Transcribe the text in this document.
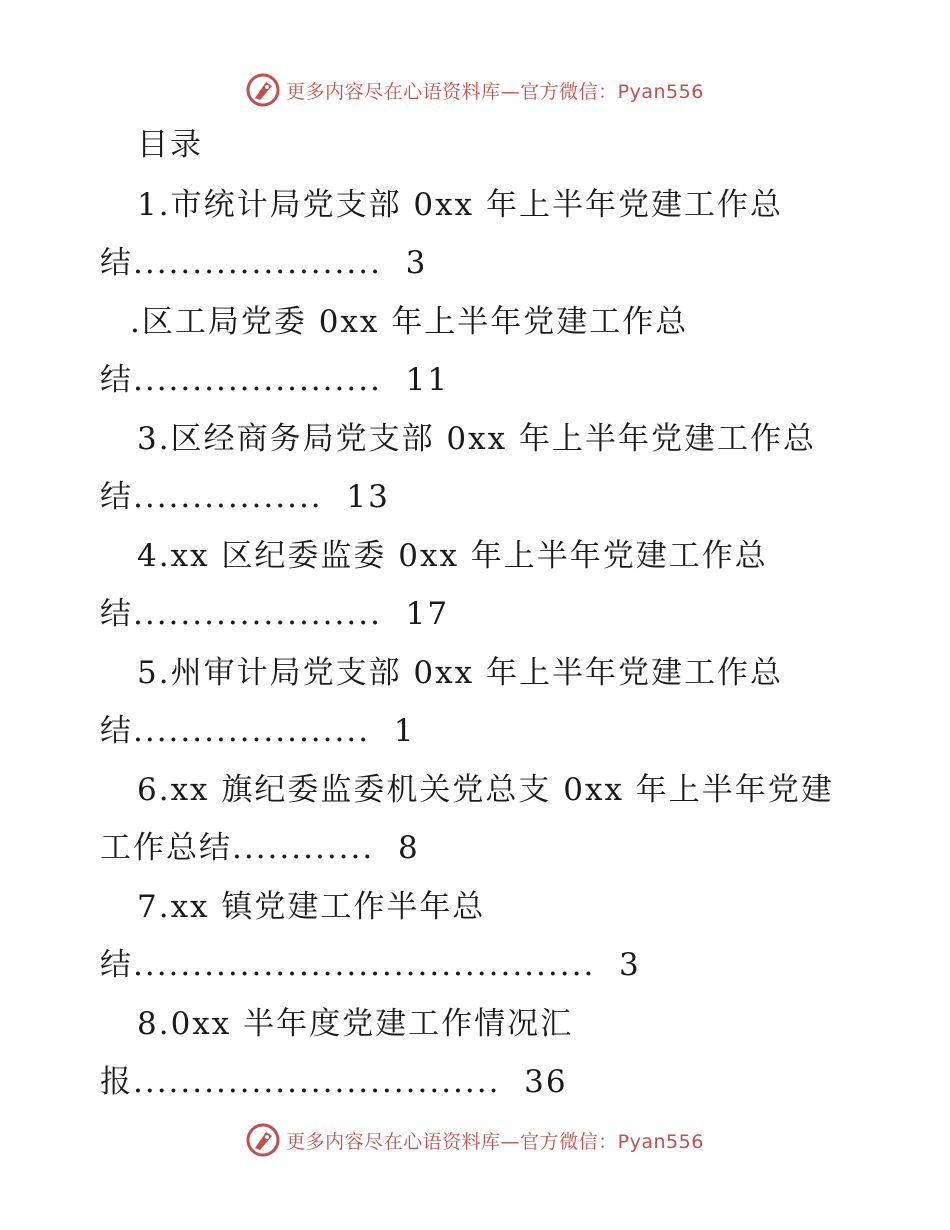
更多内容尽在心语资料库—官方微信：Pyan556
目录
1.市统计局党支部 0xx 年上半年党建工作总
结.....................  3
.区工局党委 0xx 年上半年党建工作总
结.....................  11
3.区经商务局党支部 0xx 年上半年党建工作总
结................  13
4.xx 区纪委监委 0xx 年上半年党建工作总
结.....................  17
5.州审计局党支部 0xx 年上半年党建工作总
结....................  1
6.xx 旗纪委监委机关党总支 0xx 年上半年党建
工作总结............  8
7.xx 镇党建工作半年总
结.......................................  3
8.0xx 半年度党建工作情况汇
报...............................  36
更多内容尽在心语资料库—官方微信：Pyan556
